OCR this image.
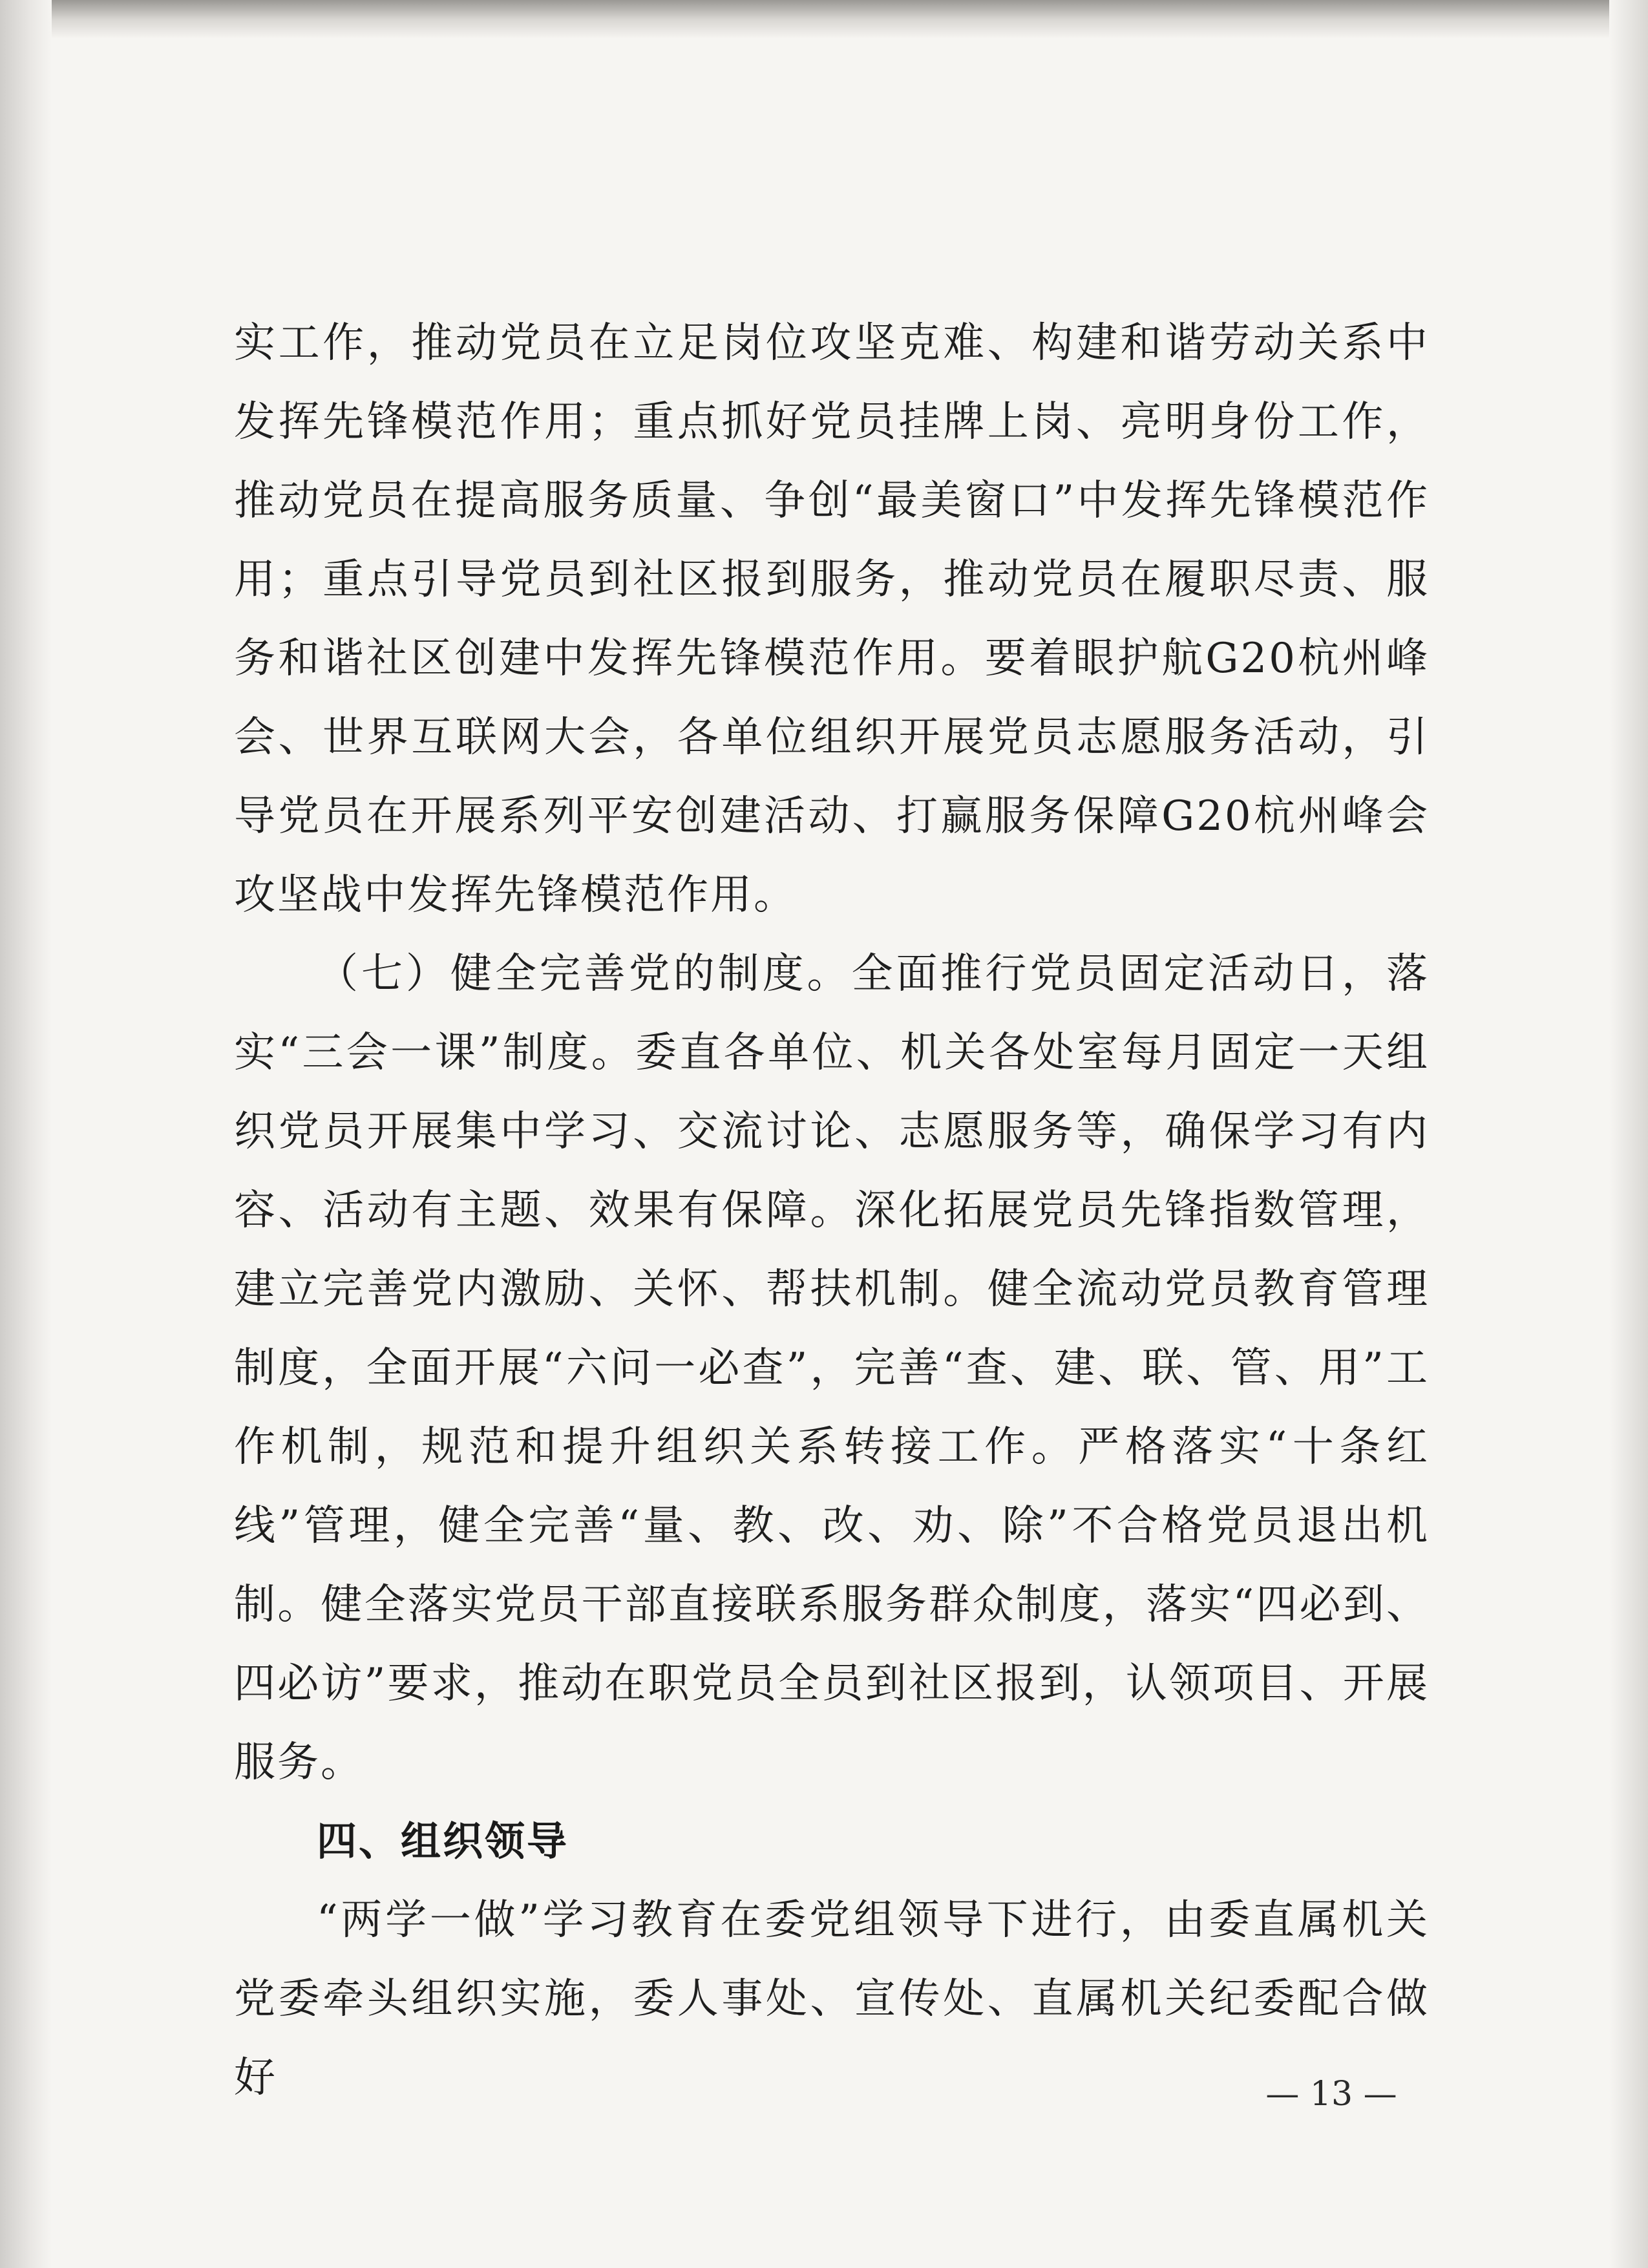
实工作，推动党员在立足岗位攻坚克难、构建和谐劳动关系中发挥先锋模范作用；重点抓好党员挂牌上岗、亮明身份工作，推动党员在提高服务质量、争创“最美窗口”中发挥先锋模范作用；重点引导党员到社区报到服务，推动党员在履职尽责、服务和谐社区创建中发挥先锋模范作用。要着眼护航G20杭州峰会、世界互联网大会，各单位组织开展党员志愿服务活动，引导党员在开展系列平安创建活动、打赢服务保障G20杭州峰会攻坚战中发挥先锋模范作用。

（七）健全完善党的制度。全面推行党员固定活动日，落实“三会一课”制度。委直各单位、机关各处室每月固定一天组织党员开展集中学习、交流讨论、志愿服务等，确保学习有内容、活动有主题、效果有保障。深化拓展党员先锋指数管理，建立完善党内激励、关怀、帮扶机制。健全流动党员教育管理制度，全面开展“六问一必查”，完善“查、建、联、管、用”工作机制，规范和提升组织关系转接工作。严格落实“十条红线”管理，健全完善“量、教、改、劝、除”不合格党员退出机制。健全落实党员干部直接联系服务群众制度，落实“四必到、四必访”要求，推动在职党员全员到社区报到，认领项目、开展服务。

四、组织领导

“两学一做”学习教育在委党组领导下进行，由委直属机关党委牵头组织实施，委人事处、宣传处、直属机关纪委配合做好	— 13 —
